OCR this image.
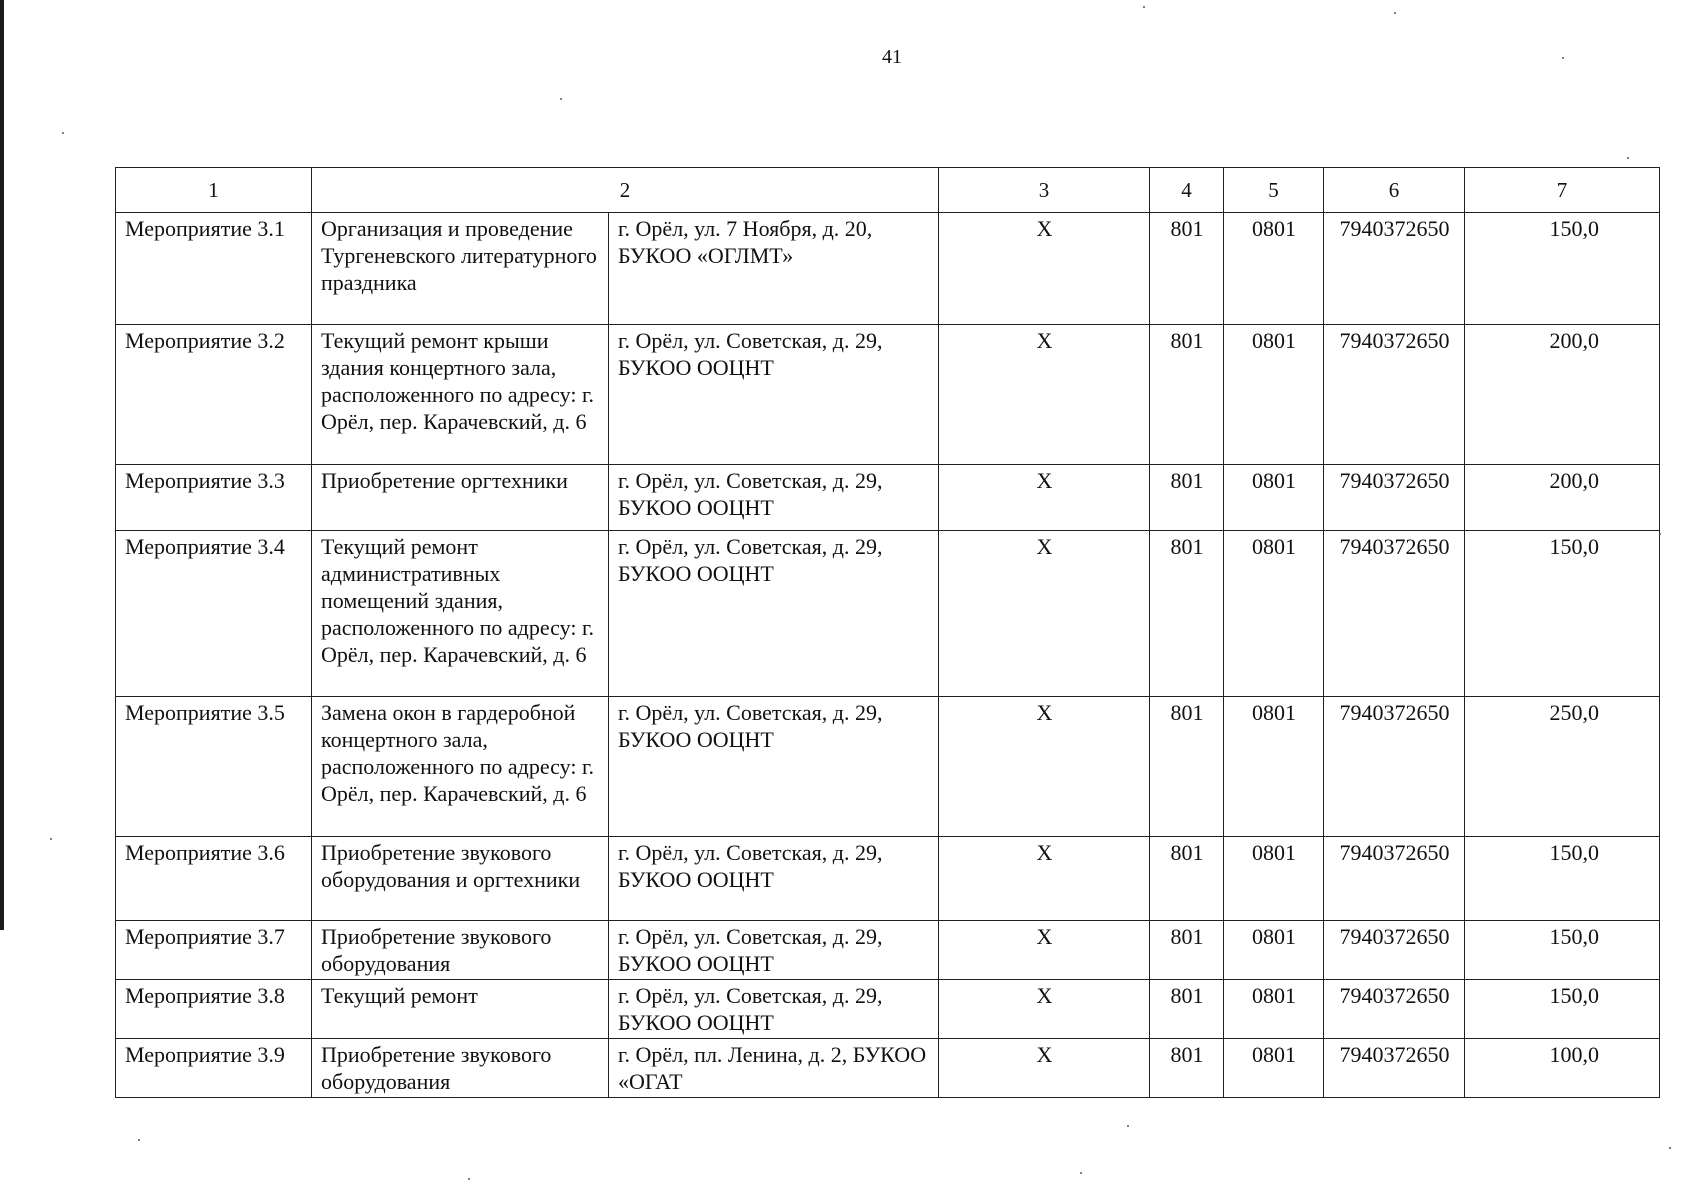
41
1	2		3	4	5	6	7
Мероприятие 3.1	Организация и проведение Тургеневского литературного праздника	г. Орёл, ул. 7 Ноября, д. 20, БУКОО «ОГЛМТ»	Х	801	0801	7940372650	150,0
Мероприятие 3.2	Текущий ремонт крыши здания концертного зала, расположенного по адресу: г. Орёл, пер. Карачевский, д. 6	г. Орёл, ул. Советская, д. 29, БУКОО ООЦНТ	Х	801	0801	7940372650	200,0
Мероприятие 3.3	Приобретение оргтехники	г. Орёл, ул. Советская, д. 29, БУКОО ООЦНТ	Х	801	0801	7940372650	200,0
Мероприятие 3.4	Текущий ремонт административных помещений здания, расположенного по адресу: г. Орёл, пер. Карачевский, д. 6	г. Орёл, ул. Советская, д. 29, БУКОО ООЦНТ	Х	801	0801	7940372650	150,0
Мероприятие 3.5	Замена окон в гардеробной концертного зала, расположенного по адресу: г. Орёл, пер. Карачевский, д. 6	г. Орёл, ул. Советская, д. 29, БУКОО ООЦНТ	Х	801	0801	7940372650	250,0
Мероприятие 3.6	Приобретение звукового оборудования и оргтехники	г. Орёл, ул. Советская, д. 29, БУКОО ООЦНТ	Х	801	0801	7940372650	150,0
Мероприятие 3.7	Приобретение звукового оборудования	г. Орёл, ул. Советская, д. 29, БУКОО ООЦНТ	Х	801	0801	7940372650	150,0
Мероприятие 3.8	Текущий ремонт	г. Орёл, ул. Советская, д. 29, БУКОО ООЦНТ	Х	801	0801	7940372650	150,0
Мероприятие 3.9	Приобретение звукового оборудования	г. Орёл, пл. Ленина, д. 2, БУКОО «ОГАТ	Х	801	0801	7940372650	100,0
